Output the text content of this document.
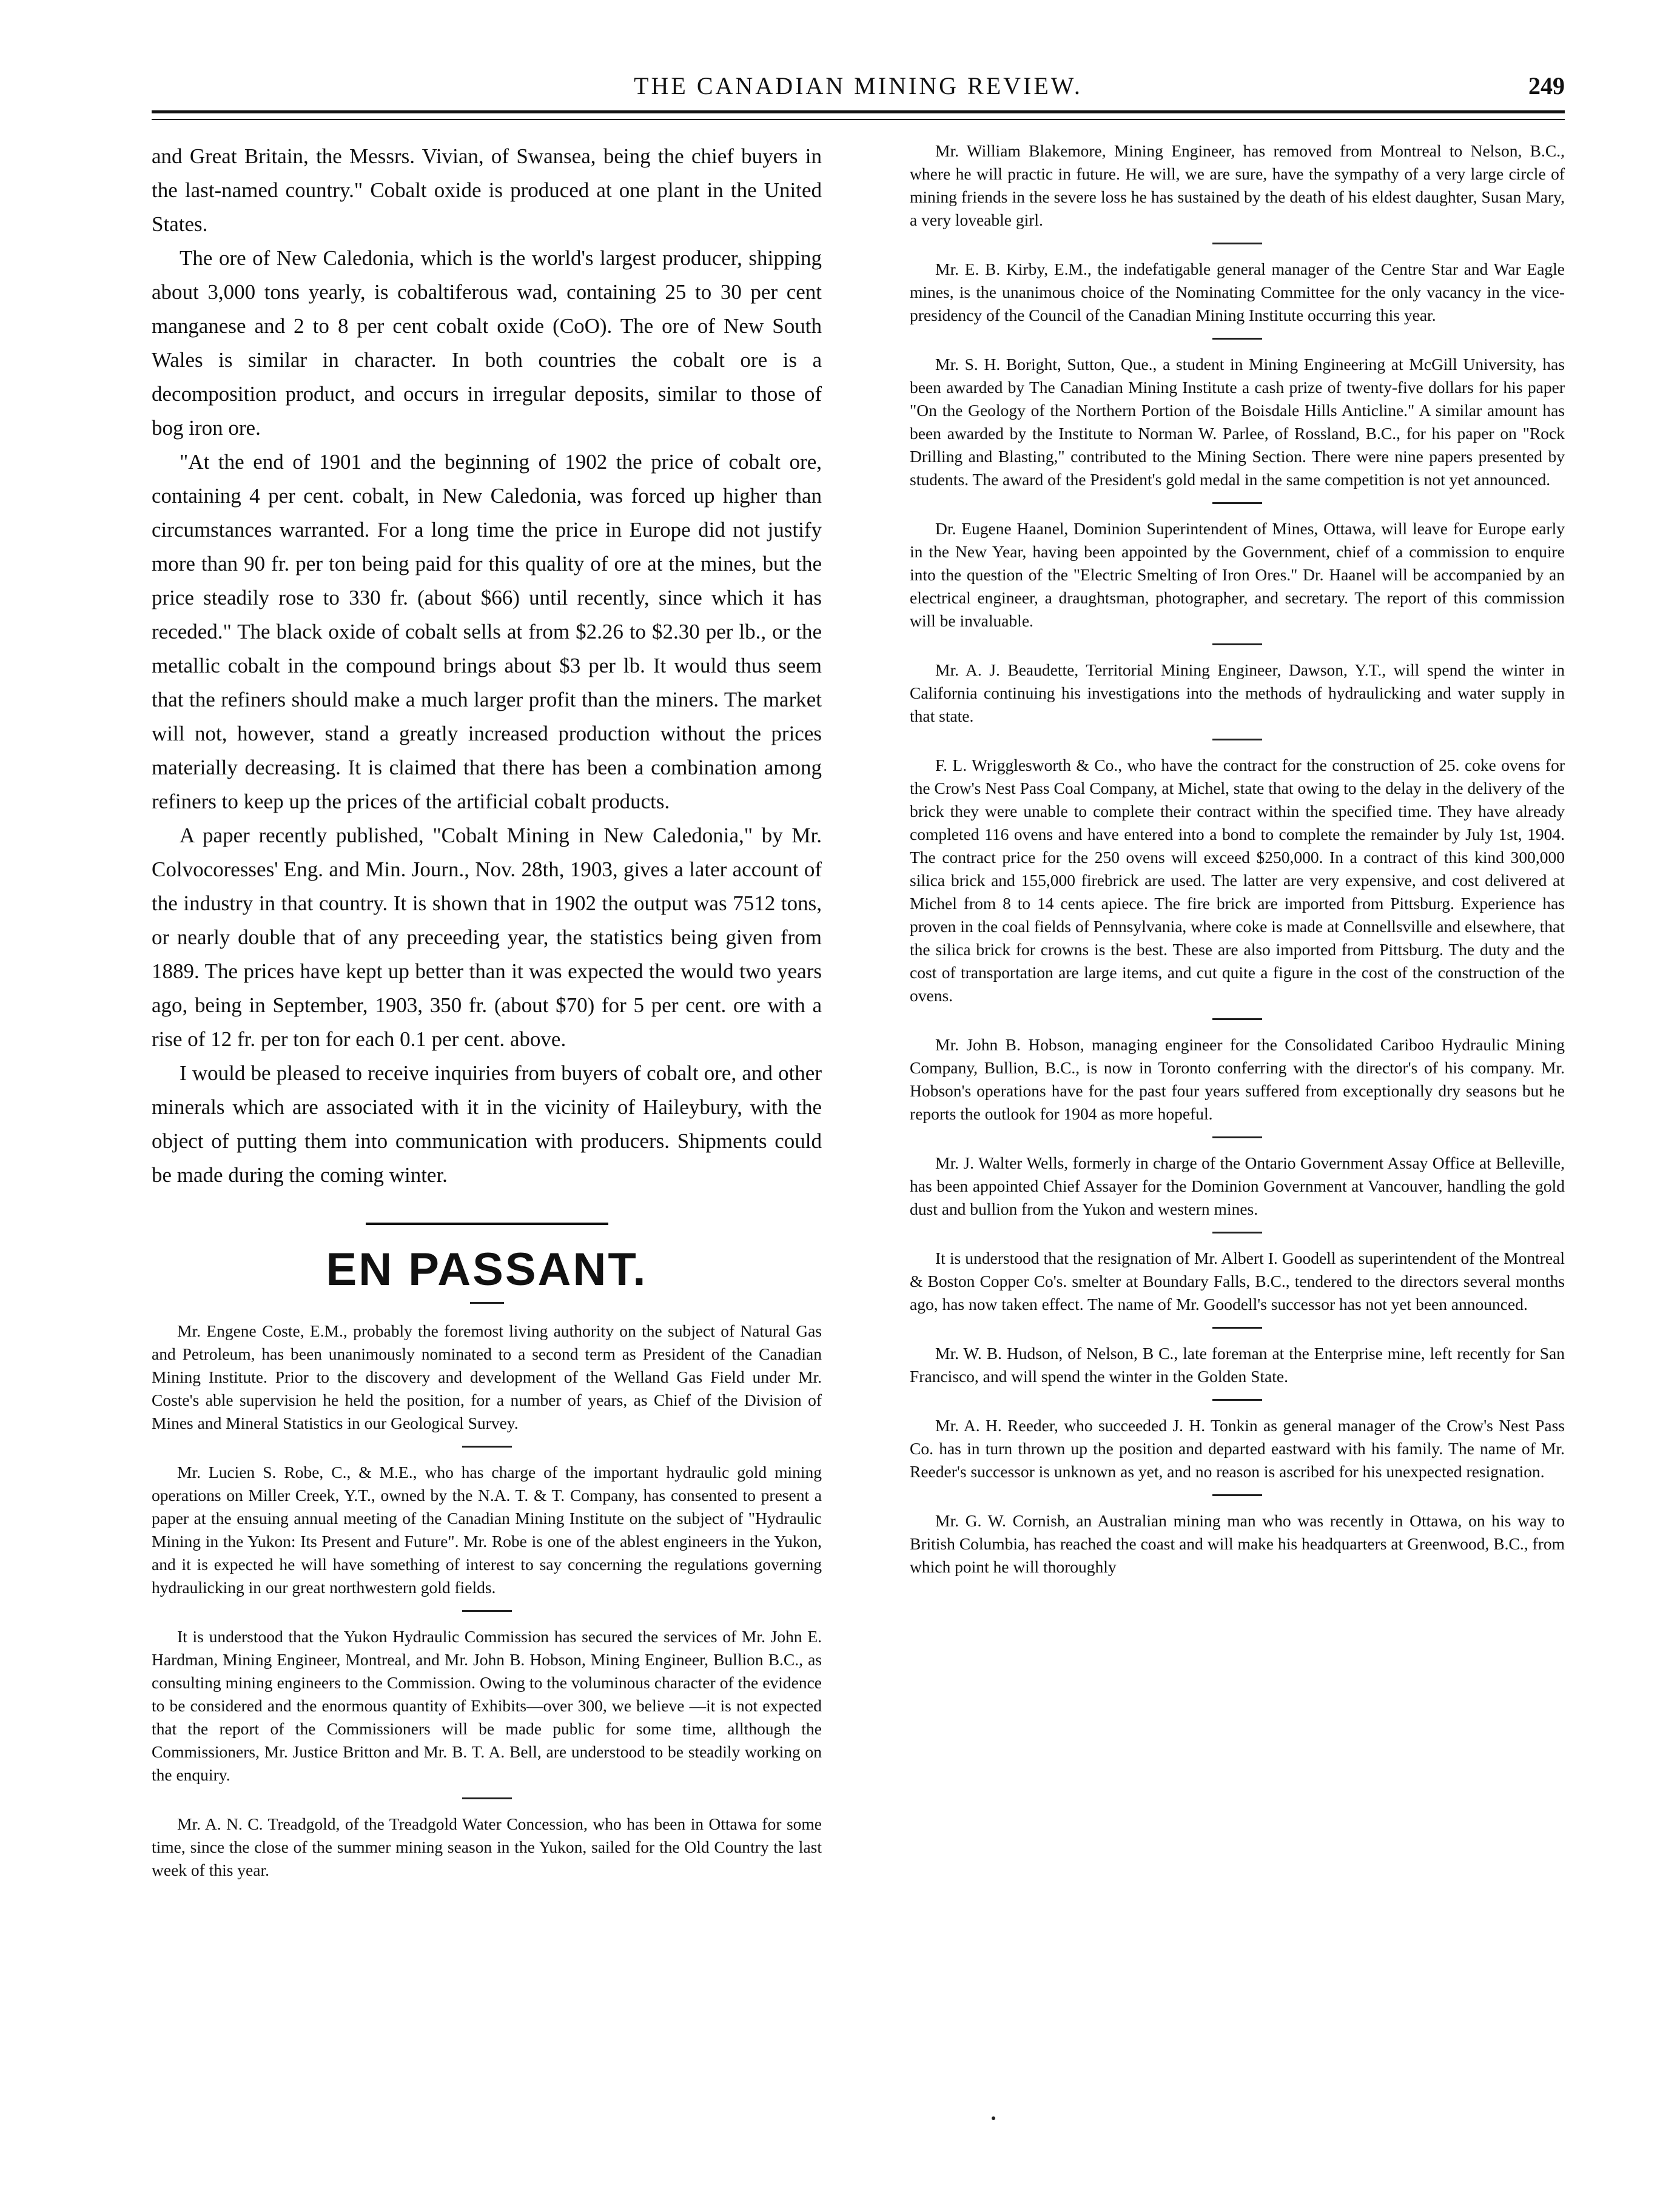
THE CANADIAN MINING REVIEW.	249

and Great Britain, the Messrs. Vivian, of Swansea, being the chief buyers in the last-named country." Cobalt oxide is produced at one plant in the United States.

The ore of New Caledonia, which is the world's largest producer, shipping about 3,000 tons yearly, is cobaltiferous wad, containing 25 to 30 per cent manganese and 2 to 8 per cent cobalt oxide (CoO). The ore of New South Wales is similar in character. In both countries the cobalt ore is a decomposition product, and occurs in irregular deposits, similar to those of bog iron ore.

"At the end of 1901 and the beginning of 1902 the price of cobalt ore, containing 4 per cent. cobalt, in New Caledonia, was forced up higher than circumstances warranted. For a long time the price in Europe did not justify more than 90 fr. per ton being paid for this quality of ore at the mines, but the price steadily rose to 330 fr. (about $66) until recently, since which it has receded." The black oxide of cobalt sells at from $2.26 to $2.30 per lb., or the metallic cobalt in the compound brings about $3 per lb. It would thus seem that the refiners should make a much larger profit than the miners. The market will not, however, stand a greatly increased production without the prices materially decreasing. It is claimed that there has been a combination among refiners to keep up the prices of the artificial cobalt products.

A paper recently published, "Cobalt Mining in New Caledonia," by Mr. Colvocoresses' Eng. and Min. Journ., Nov. 28th, 1903, gives a later account of the industry in that country. It is shown that in 1902 the output was 7512 tons, or nearly double that of any preceeding year, the statistics being given from 1889. The prices have kept up better than it was expected the would two years ago, being in September, 1903, 350 fr. (about $70) for 5 per cent. ore with a rise of 12 fr. per ton for each 0.1 per cent. above.

I would be pleased to receive inquiries from buyers of cobalt ore, and other minerals which are associated with it in the vicinity of Haileybury, with the object of putting them into communication with producers. Shipments could be made during the coming winter.

EN PASSANT.

Mr. Engene Coste, E.M., probably the foremost living authority on the subject of Natural Gas and Petroleum, has been unanimously nominated to a second term as President of the Canadian Mining Institute. Prior to the discovery and development of the Welland Gas Field under Mr. Coste's able supervision he held the position, for a number of years, as Chief of the Division of Mines and Mineral Statistics in our Geological Survey.

Mr. Lucien S. Robe, C., & M.E., who has charge of the important hydraulic gold mining operations on Miller Creek, Y.T., owned by the N.A. T. & T. Company, has consented to present a paper at the ensuing annual meeting of the Canadian Mining Institute on the subject of "Hydraulic Mining in the Yukon: Its Present and Future". Mr. Robe is one of the ablest engineers in the Yukon, and it is expected he will have something of interest to say concerning the regulations governing hydraulicking in our great northwestern gold fields.

It is understood that the Yukon Hydraulic Commission has secured the services of Mr. John E. Hardman, Mining Engineer, Montreal, and Mr. John B. Hobson, Mining Engineer, Bullion B.C., as consulting mining engineers to the Commission. Owing to the voluminous character of the evidence to be considered and the enormous quantity of Exhibits—over 300, we believe —it is not expected that the report of the Commissioners will be made public for some time, allthough the Commissioners, Mr. Justice Britton and Mr. B. T. A. Bell, are understood to be steadily working on the enquiry.

Mr. A. N. C. Treadgold, of the Treadgold Water Concession, who has been in Ottawa for some time, since the close of the summer mining season in the Yukon, sailed for the Old Country the last week of this year.

Mr. William Blakemore, Mining Engineer, has removed from Montreal to Nelson, B.C., where he will practic in future. He will, we are sure, have the sympathy of a very large circle of mining friends in the severe loss he has sustained by the death of his eldest daughter, Susan Mary, a very loveable girl.

Mr. E. B. Kirby, E.M., the indefatigable general manager of the Centre Star and War Eagle mines, is the unanimous choice of the Nominating Committee for the only vacancy in the vice-presidency of the Council of the Canadian Mining Institute occurring this year.

Mr. S. H. Boright, Sutton, Que., a student in Mining Engineering at McGill University, has been awarded by The Canadian Mining Institute a cash prize of twenty-five dollars for his paper "On the Geology of the Northern Portion of the Boisdale Hills Anticline." A similar amount has been awarded by the Institute to Norman W. Parlee, of Rossland, B.C., for his paper on "Rock Drilling and Blasting," contributed to the Mining Section. There were nine papers presented by students. The award of the President's gold medal in the same competition is not yet announced.

Dr. Eugene Haanel, Dominion Superintendent of Mines, Ottawa, will leave for Europe early in the New Year, having been appointed by the Government, chief of a commission to enquire into the question of the "Electric Smelting of Iron Ores." Dr. Haanel will be accompanied by an electrical engineer, a draughtsman, photographer, and secretary. The report of this commission will be invaluable.

Mr. A. J. Beaudette, Territorial Mining Engineer, Dawson, Y.T., will spend the winter in California continuing his investigations into the methods of hydraulicking and water supply in that state.

F. L. Wrigglesworth & Co., who have the contract for the construction of 25. coke ovens for the Crow's Nest Pass Coal Company, at Michel, state that owing to the delay in the delivery of the brick they were unable to complete their contract within the specified time. They have already completed 116 ovens and have entered into a bond to complete the remainder by July 1st, 1904. The contract price for the 250 ovens will exceed $250,000. In a contract of this kind 300,000 silica brick and 155,000 firebrick are used. The latter are very expensive, and cost delivered at Michel from 8 to 14 cents apiece. The fire brick are imported from Pittsburg. Experience has proven in the coal fields of Pennsylvania, where coke is made at Connellsville and elsewhere, that the silica brick for crowns is the best. These are also imported from Pittsburg. The duty and the cost of transportation are large items, and cut quite a figure in the cost of the construction of the ovens.

Mr. John B. Hobson, managing engineer for the Consolidated Cariboo Hydraulic Mining Company, Bullion, B.C., is now in Toronto conferring with the director's of his company. Mr. Hobson's operations have for the past four years suffered from exceptionally dry seasons but he reports the outlook for 1904 as more hopeful.

Mr. J. Walter Wells, formerly in charge of the Ontario Government Assay Office at Belleville, has been appointed Chief Assayer for the Dominion Government at Vancouver, handling the gold dust and bullion from the Yukon and western mines.

It is understood that the resignation of Mr. Albert I. Goodell as superintendent of the Montreal & Boston Copper Co's. smelter at Boundary Falls, B.C., tendered to the directors several months ago, has now taken effect. The name of Mr. Goodell's successor has not yet been announced.

Mr. W. B. Hudson, of Nelson, B C., late foreman at the Enterprise mine, left recently for San Francisco, and will spend the winter in the Golden State.

Mr. A. H. Reeder, who succeeded J. H. Tonkin as general manager of the Crow's Nest Pass Co. has in turn thrown up the position and departed eastward with his family. The name of Mr. Reeder's successor is unknown as yet, and no reason is ascribed for his unexpected resignation.

Mr. G. W. Cornish, an Australian mining man who was recently in Ottawa, on his way to British Columbia, has reached the coast and will make his headquarters at Greenwood, B.C., from which point he will thoroughly
